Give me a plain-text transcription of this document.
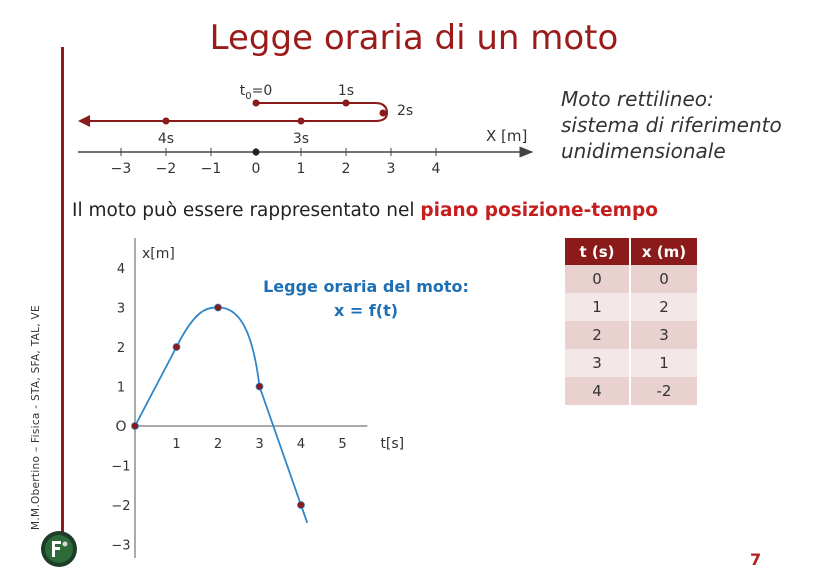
Legge oraria di un moto
M.M.Obertino – Fisica - STA, SFA, TAL, VE
7
Moto rettilineo:
sistema di riferimento
unidimensionale
−3 −2 −1 0	1	2	3	4
$t_0=0$	1s
2s
3s
4s	X [m]
Il moto può essere rappresentato nel piano posizione-tempo
x[m]
t[s]
O
1	2	3	4	5
4
3
2
1
−1
−2
−3
Legge oraria del moto:
x = f(t)
t (s)	x (m)
0	0
1	2
2	3
3	1
4	-2
